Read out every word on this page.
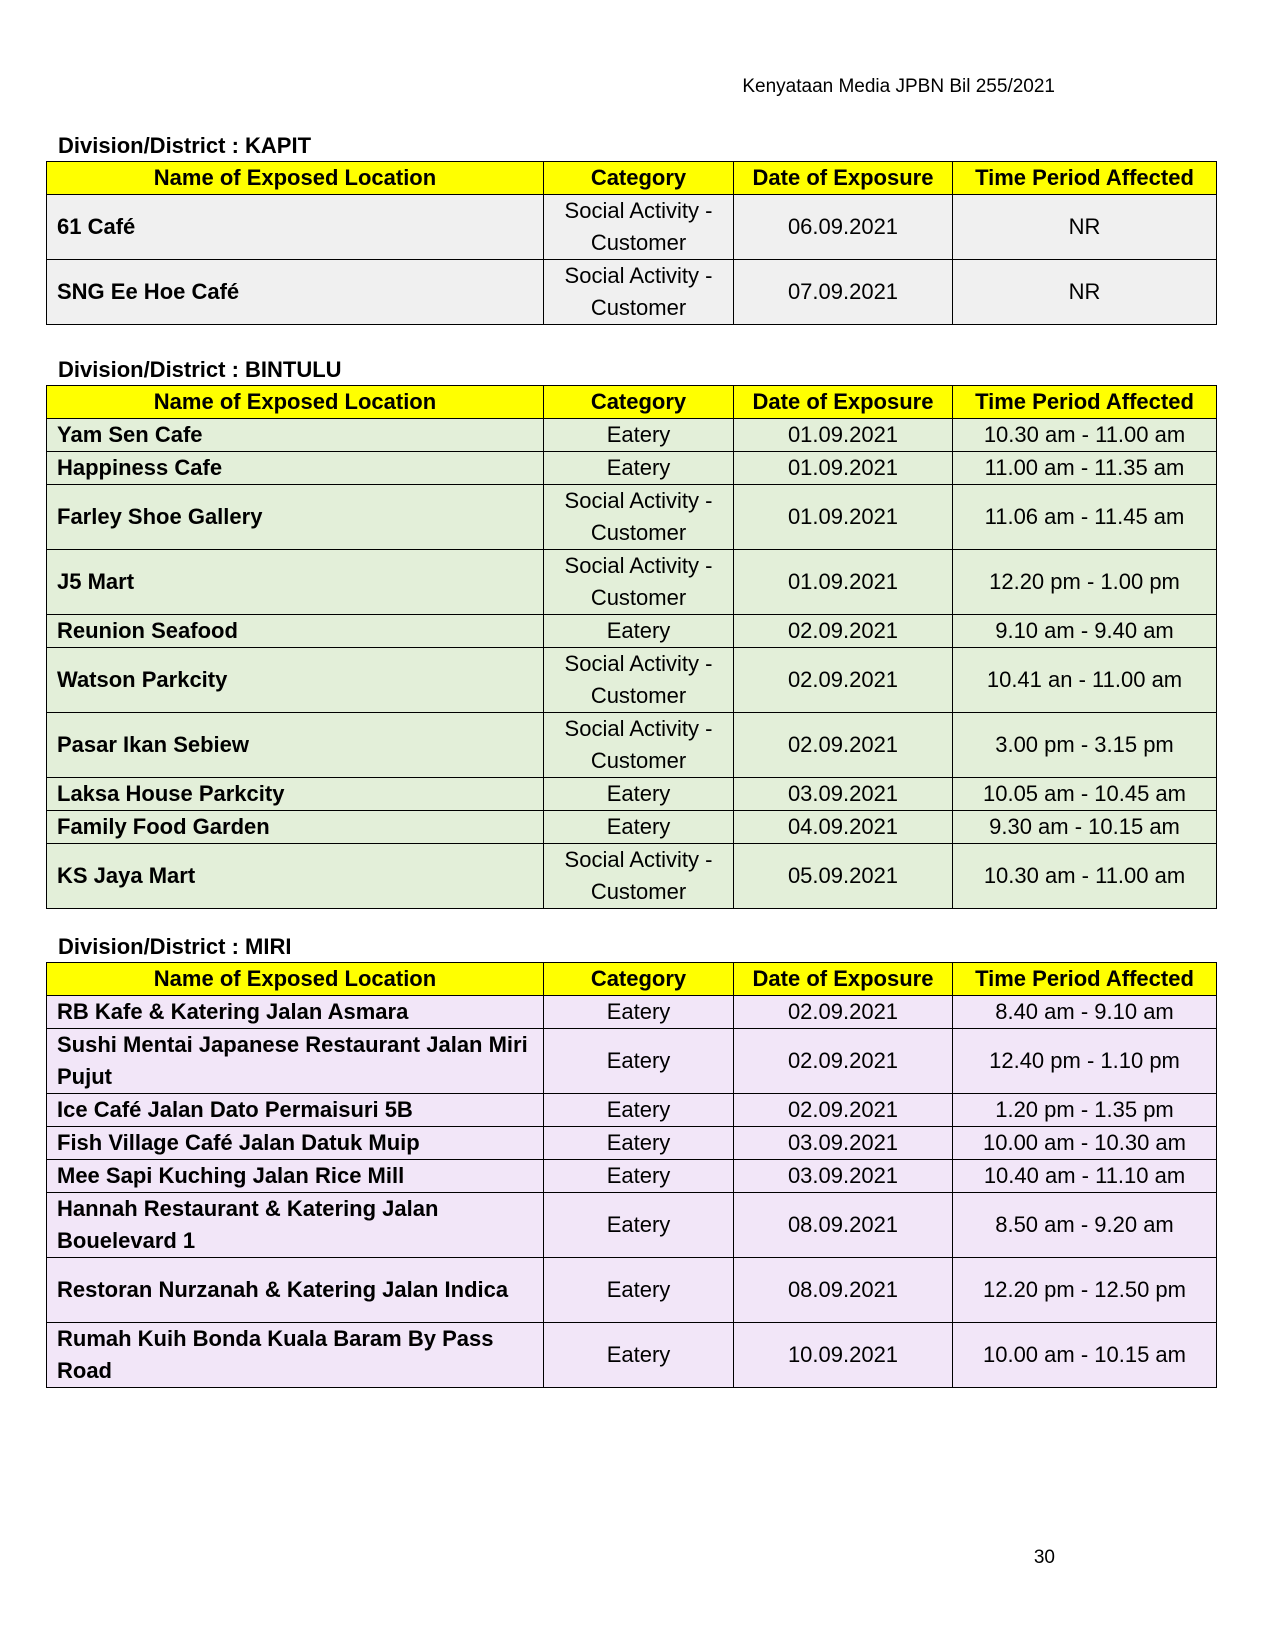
Kenyataan Media JPBN Bil 255/2021
Division/District : KAPIT
Name of Exposed Location	Category	Date of Exposure	Time Period Affected
61 Café	Social Activity - Customer	06.09.2021	NR
SNG Ee Hoe Café	Social Activity - Customer	07.09.2021	NR
Division/District : BINTULU
Name of Exposed Location	Category	Date of Exposure	Time Period Affected
Yam Sen Cafe	Eatery	01.09.2021	10.30 am - 11.00 am
Happiness Cafe	Eatery	01.09.2021	11.00 am - 11.35 am
Farley Shoe Gallery	Social Activity - Customer	01.09.2021	11.06 am - 11.45 am
J5 Mart	Social Activity - Customer	01.09.2021	12.20 pm - 1.00 pm
Reunion Seafood	Eatery	02.09.2021	9.10 am - 9.40 am
Watson Parkcity	Social Activity - Customer	02.09.2021	10.41 an - 11.00 am
Pasar Ikan Sebiew	Social Activity - Customer	02.09.2021	3.00 pm - 3.15 pm
Laksa House Parkcity	Eatery	03.09.2021	10.05 am - 10.45 am
Family Food Garden	Eatery	04.09.2021	9.30 am - 10.15 am
KS Jaya Mart	Social Activity - Customer	05.09.2021	10.30 am - 11.00 am
Division/District : MIRI
Name of Exposed Location	Category	Date of Exposure	Time Period Affected
RB Kafe & Katering Jalan Asmara	Eatery	02.09.2021	8.40 am - 9.10 am
Sushi Mentai Japanese Restaurant Jalan Miri Pujut	Eatery	02.09.2021	12.40 pm - 1.10 pm
Ice Café Jalan Dato Permaisuri 5B	Eatery	02.09.2021	1.20 pm - 1.35 pm
Fish Village Café Jalan Datuk Muip	Eatery	03.09.2021	10.00 am - 10.30 am
Mee Sapi Kuching Jalan Rice Mill	Eatery	03.09.2021	10.40 am - 11.10 am
Hannah Restaurant & Katering Jalan Bouelevard 1	Eatery	08.09.2021	8.50 am - 9.20 am
Restoran Nurzanah & Katering Jalan Indica	Eatery	08.09.2021	12.20 pm - 12.50 pm
Rumah Kuih Bonda Kuala Baram By Pass Road	Eatery	10.09.2021	10.00 am - 10.15 am
30
